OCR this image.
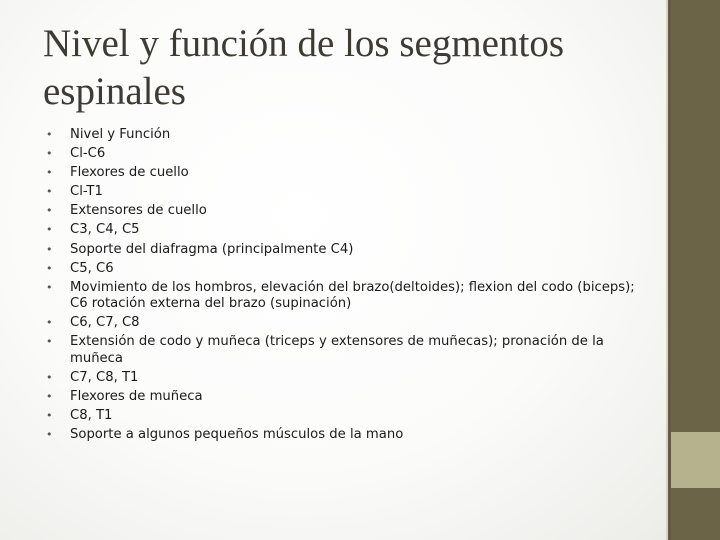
Nivel y función de los segmentos espinales
•	Nivel y Función
•	Cl-C6
•	Flexores de cuello
•	Cl-T1
•	Extensores de cuello
•	C3, C4, C5
•	Soporte del diafragma (principalmente C4)
•	C5, C6
•	Movimiento de los hombros, elevación del brazo(deltoides); flexion del codo (biceps); C6 rotación externa del brazo (supinación)
•	C6, C7, C8
•	Extensión de codo y muñeca (triceps y extensores de muñecas); pronación de la muñeca
•	C7, C8, T1
•	Flexores de muñeca
•	C8, T1
•	Soporte a algunos pequeños músculos de la mano
